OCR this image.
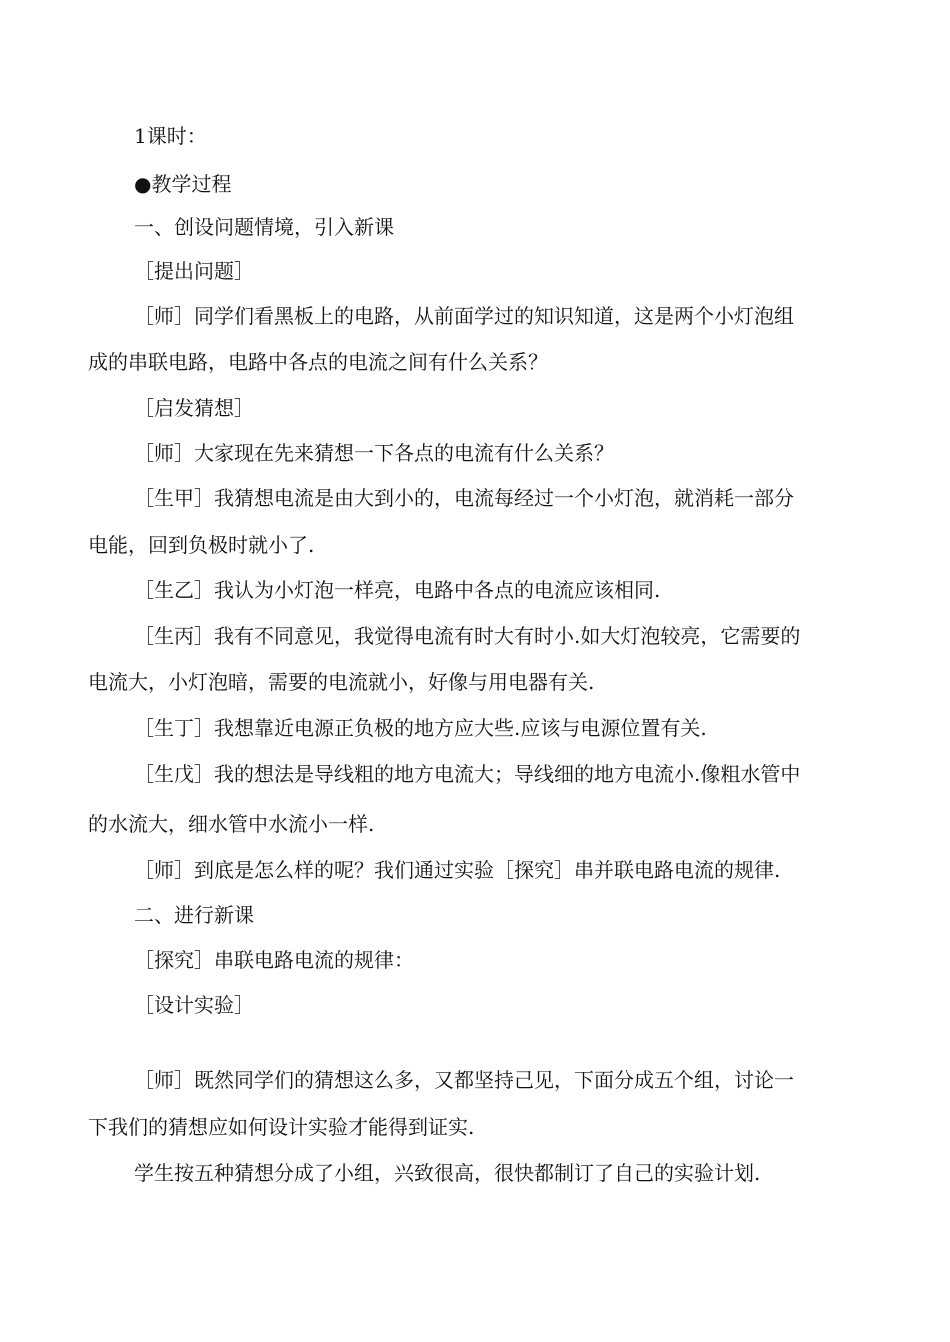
1课时：
●教学过程
一、创设问题情境，引入新课
［提出问题］
［师］同学们看黑板上的电路，从前面学过的知识知道，这是两个小灯泡组
成的串联电路，电路中各点的电流之间有什么关系？
［启发猜想］
［师］大家现在先来猜想一下各点的电流有什么关系？
［生甲］我猜想电流是由大到小的，电流每经过一个小灯泡，就消耗一部分
电能，回到负极时就小了.
［生乙］我认为小灯泡一样亮，电路中各点的电流应该相同.
［生丙］我有不同意见，我觉得电流有时大有时小.如大灯泡较亮，它需要的
电流大，小灯泡暗，需要的电流就小，好像与用电器有关.
［生丁］我想靠近电源正负极的地方应大些.应该与电源位置有关.
［生戊］我的想法是导线粗的地方电流大；导线细的地方电流小.像粗水管中
的水流大，细水管中水流小一样.
［师］到底是怎么样的呢？我们通过实验［探究］串并联电路电流的规律.
二、进行新课
［探究］串联电路电流的规律：
［设计实验］
［师］既然同学们的猜想这么多，又都坚持己见，下面分成五个组，讨论一
下我们的猜想应如何设计实验才能得到证实.
学生按五种猜想分成了小组，兴致很高，很快都制订了自己的实验计划.
